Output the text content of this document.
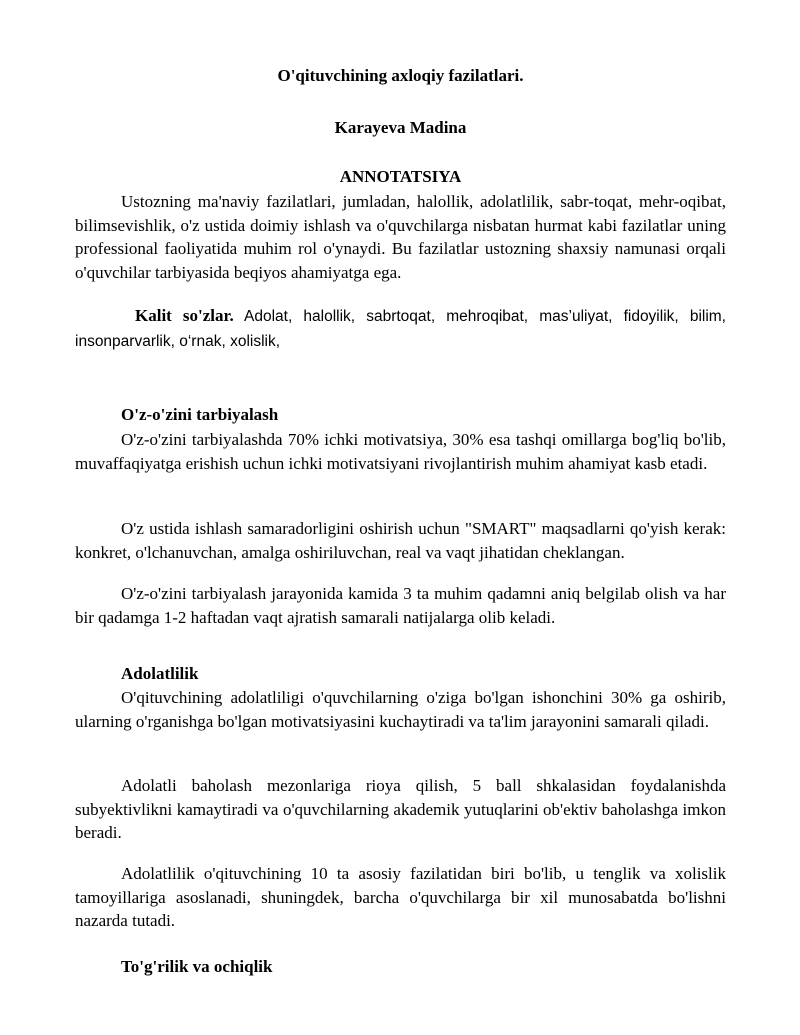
O'qituvchining axloqiy fazilatlari.
Karayeva Madina
ANNOTATSIYA

Ustozning ma'naviy fazilatlari, jumladan, halollik, adolatlilik, sabr-toqat, mehr-oqibat, bilimsevishlik, o'z ustida doimiy ishlash va o'quvchilarga nisbatan hurmat kabi fazilatlar uning professional faoliyatida muhim rol o'ynaydi. Bu fazilatlar ustozning shaxsiy namunasi orqali o'quvchilar tarbiyasida beqiyos ahamiyatga ega.

Kalit so'zlar. Adolat, halollik, sabrtoqat, mehroqibat, mas’uliyat, fidoyilik, bilim, insonparvarlik, o‘rnak, xolislik,

O'z-o'zini tarbiyalash

O'z-o'zini tarbiyalashda 70% ichki motivatsiya, 30% esa tashqi omillarga bog'liq bo'lib, muvaffaqiyatga erishish uchun ichki motivatsiyani rivojlantirish muhim ahamiyat kasb etadi.

O'z ustida ishlash samaradorligini oshirish uchun "SMART" maqsadlarni qo'yish kerak: konkret, o'lchanuvchan, amalga oshiriluvchan, real va vaqt jihatidan cheklangan.

O'z-o'zini tarbiyalash jarayonida kamida 3 ta muhim qadamni aniq belgilab olish va har bir qadamga 1-2 haftadan vaqt ajratish samarali natijalarga olib keladi.

Adolatlilik

O'qituvchining adolatliligi o'quvchilarning o'ziga bo'lgan ishonchini 30% ga oshirib, ularning o'rganishga bo'lgan motivatsiyasini kuchaytiradi va ta'lim jarayonini samarali qiladi.

Adolatli baholash mezonlariga rioya qilish, 5 ball shkalasidan foydalanishda subyektivlikni kamaytiradi va o'quvchilarning akademik yutuqlarini ob'ektiv baholashga imkon beradi.

Adolatlilik o'qituvchining 10 ta asosiy fazilatidan biri bo'lib, u tenglik va xolislik tamoyillariga asoslanadi, shuningdek, barcha o'quvchilarga bir xil munosabatda bo'lishni nazarda tutadi.

To'g'rilik va ochiqlik
